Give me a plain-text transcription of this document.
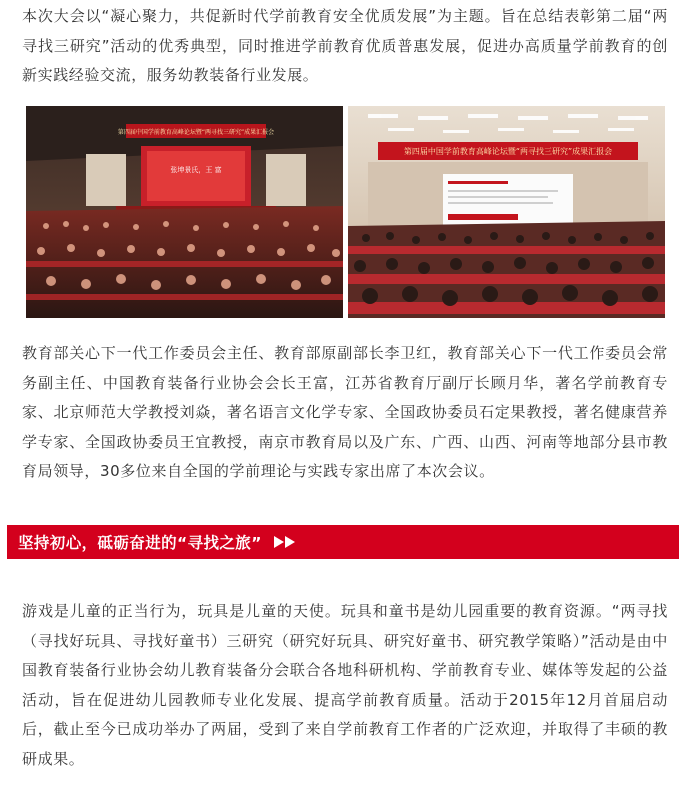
本次大会以“凝心聚力，共促新时代学前教育安全优质发展”为主题。旨在总结表彰第二届“两寻找三研究”活动的优秀典型，同时推进学前教育优质普惠发展，促进办高质量学前教育的创新实践经验交流，服务幼教装备行业发展。

第四届中国学前教育高峰论坛暨“两寻找三研究”成果汇报会
张坤景氏，王 富
第四届中国学前教育高峰论坛暨“两寻找三研究”成果汇报会

教育部关心下一代工作委员会主任、教育部原副部长李卫红，教育部关心下一代工作委员会常务副主任、中国教育装备行业协会会长王富，江苏省教育厅副厅长顾月华，著名学前教育专家、北京师范大学教授刘焱，著名语言文化学专家、全国政协委员石定果教授，著名健康营养学专家、全国政协委员王宜教授，南京市教育局以及广东、广西、山西、河南等地部分县市教育局领导，30多位来自全国的学前理论与实践专家出席了本次会议。

坚持初心，砥砺奋进的“寻找之旅”

游戏是儿童的正当行为，玩具是儿童的天使。玩具和童书是幼儿园重要的教育资源。“两寻找（寻找好玩具、寻找好童书）三研究（研究好玩具、研究好童书、研究教学策略）”活动是由中国教育装备行业协会幼儿教育装备分会联合各地科研机构、学前教育专业、媒体等发起的公益活动，旨在促进幼儿园教师专业化发展、提高学前教育质量。活动于2015年12月首届启动后，截止至今已成功举办了两届，受到了来自学前教育工作者的广泛欢迎，并取得了丰硕的教研成果。
